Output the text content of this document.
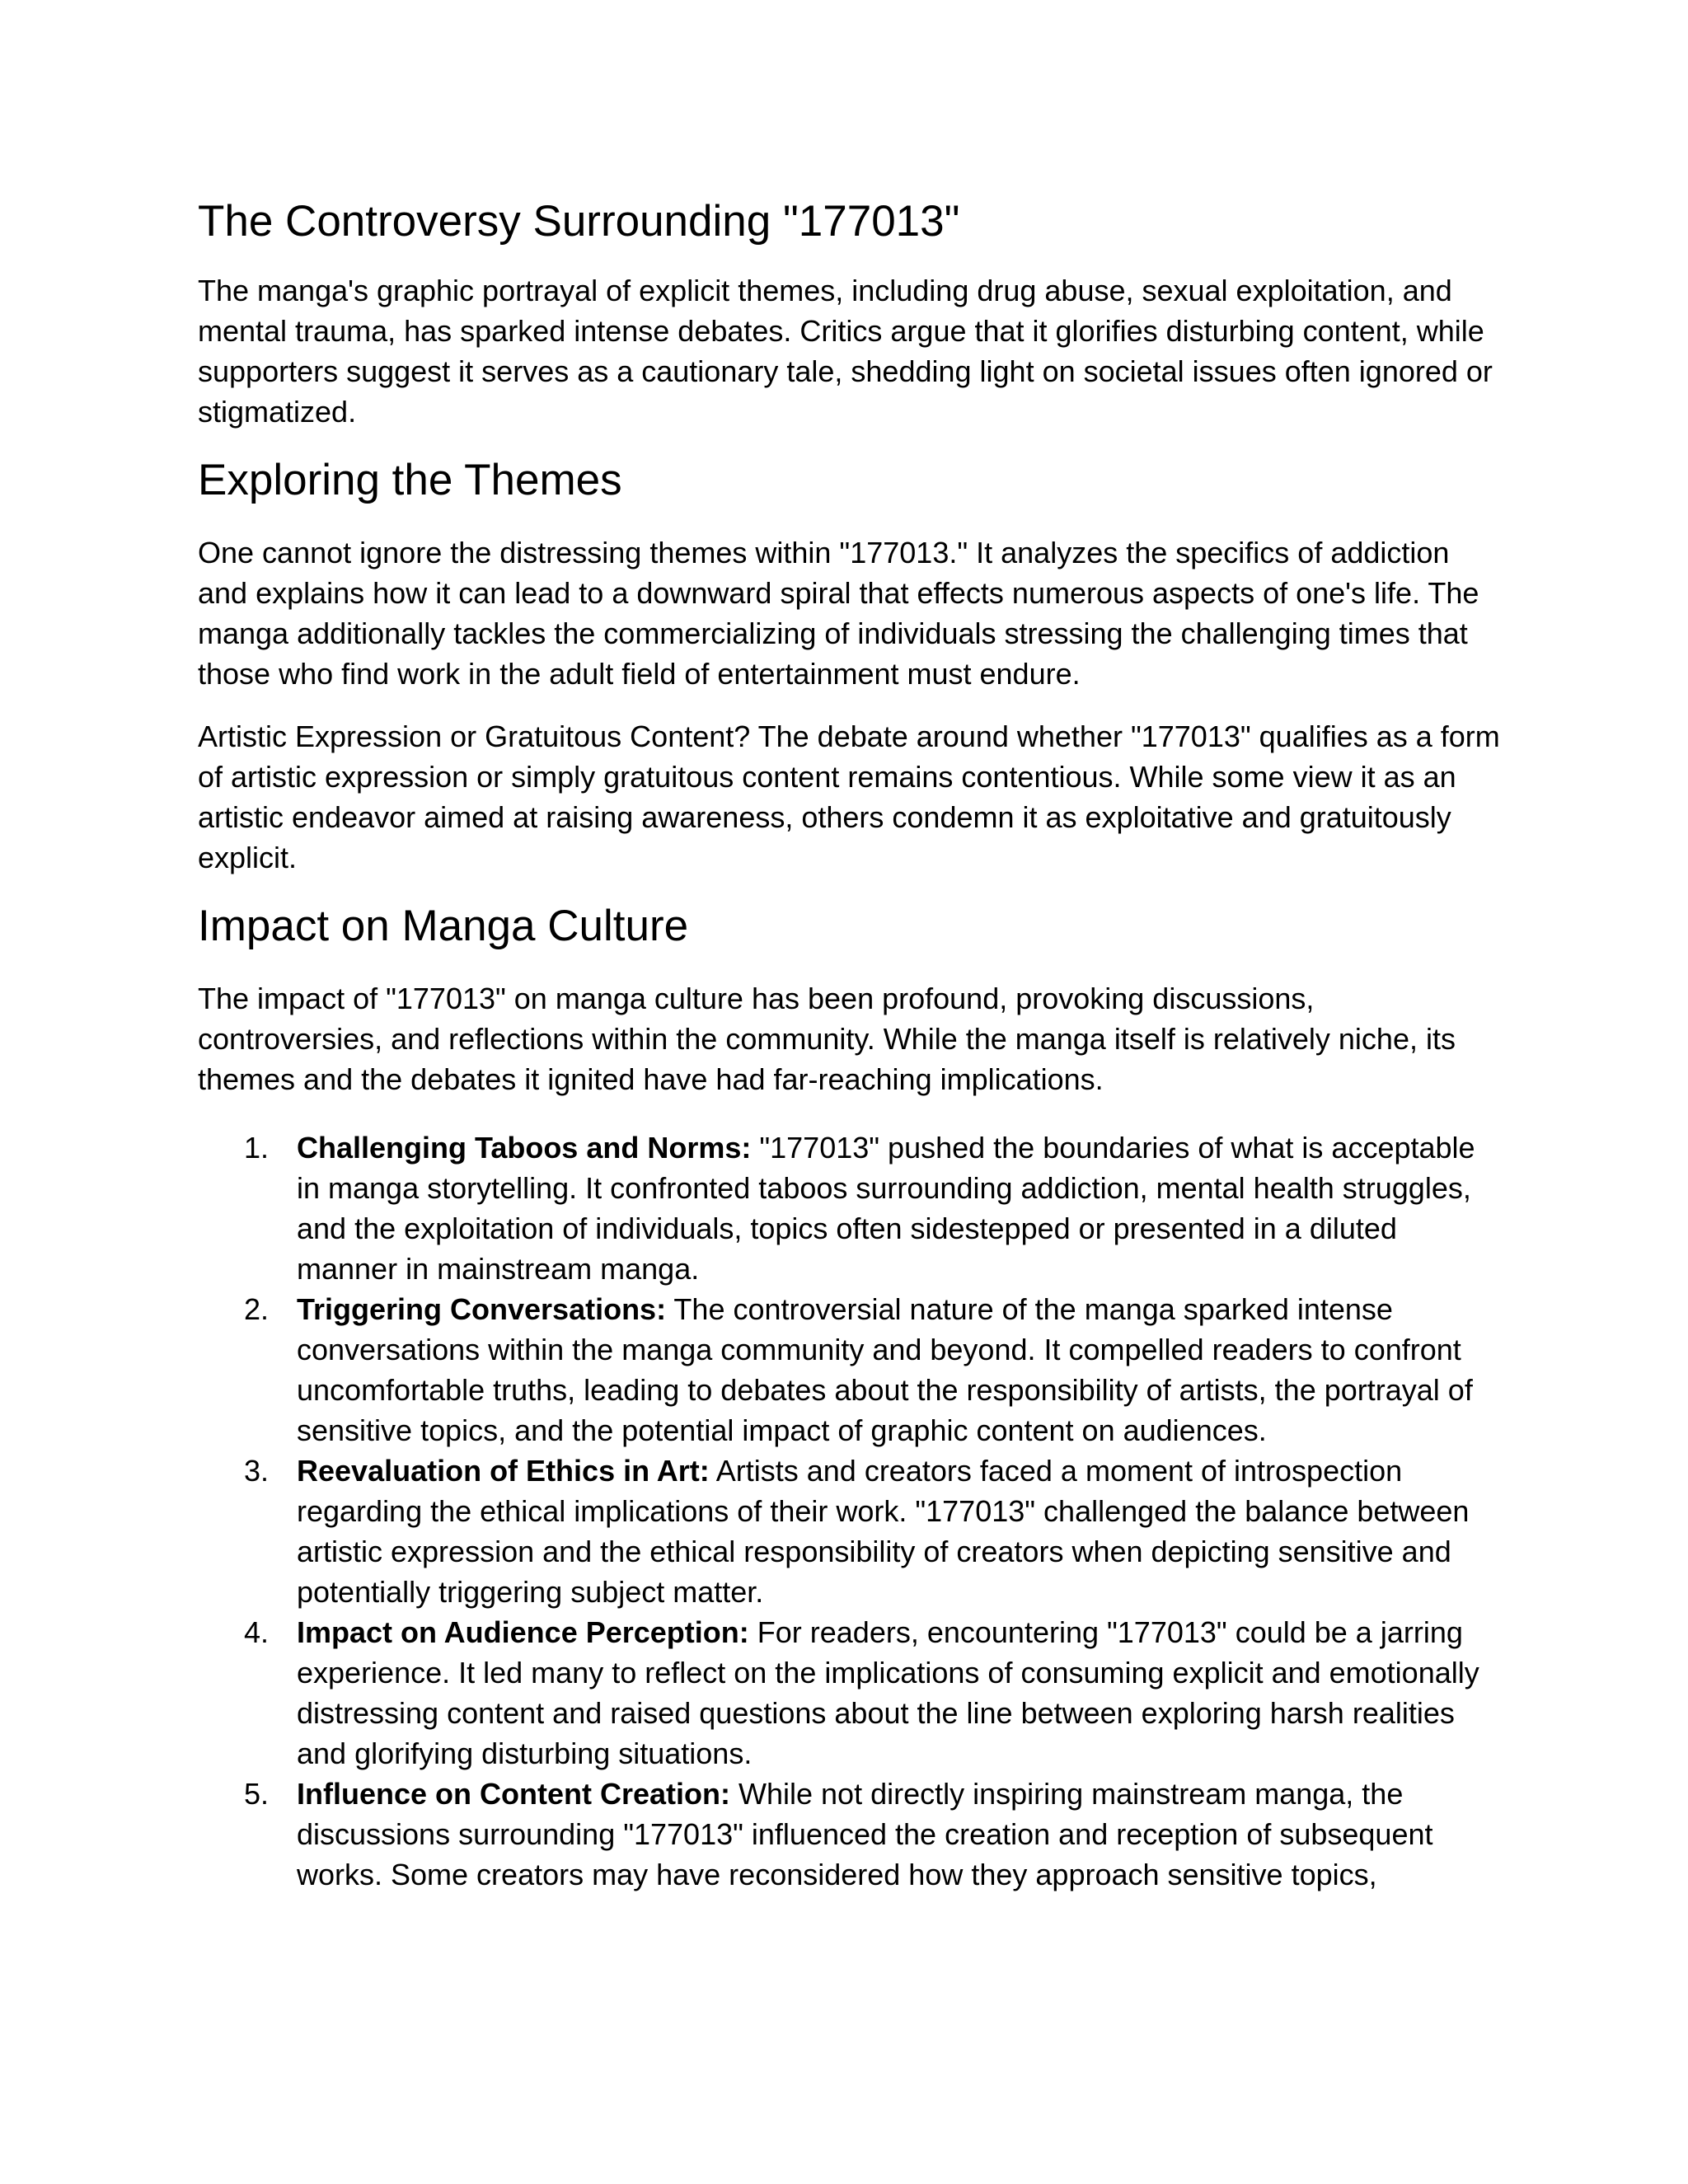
The Controversy Surrounding "177013"

The manga's graphic portrayal of explicit themes, including drug abuse, sexual exploitation, and mental trauma, has sparked intense debates. Critics argue that it glorifies disturbing content, while supporters suggest it serves as a cautionary tale, shedding light on societal issues often ignored or stigmatized.

Exploring the Themes

One cannot ignore the distressing themes within "177013." It analyzes the specifics of addiction and explains how it can lead to a downward spiral that effects numerous aspects of one's life. The manga additionally tackles the commercializing of individuals stressing the challenging times that those who find work in the adult field of entertainment must endure.

Artistic Expression or Gratuitous Content? The debate around whether "177013" qualifies as a form of artistic expression or simply gratuitous content remains contentious. While some view it as an artistic endeavor aimed at raising awareness, others condemn it as exploitative and gratuitously explicit.

Impact on Manga Culture

The impact of "177013" on manga culture has been profound, provoking discussions, controversies, and reflections within the community. While the manga itself is relatively niche, its themes and the debates it ignited have had far-reaching implications.

1. Challenging Taboos and Norms: "177013" pushed the boundaries of what is acceptable in manga storytelling. It confronted taboos surrounding addiction, mental health struggles, and the exploitation of individuals, topics often sidestepped or presented in a diluted manner in mainstream manga.
2. Triggering Conversations: The controversial nature of the manga sparked intense conversations within the manga community and beyond. It compelled readers to confront uncomfortable truths, leading to debates about the responsibility of artists, the portrayal of sensitive topics, and the potential impact of graphic content on audiences.
3. Reevaluation of Ethics in Art: Artists and creators faced a moment of introspection regarding the ethical implications of their work. "177013" challenged the balance between artistic expression and the ethical responsibility of creators when depicting sensitive and potentially triggering subject matter.
4. Impact on Audience Perception: For readers, encountering "177013" could be a jarring experience. It led many to reflect on the implications of consuming explicit and emotionally distressing content and raised questions about the line between exploring harsh realities and glorifying disturbing situations.
5. Influence on Content Creation: While not directly inspiring mainstream manga, the discussions surrounding "177013" influenced the creation and reception of subsequent works. Some creators may have reconsidered how they approach sensitive topics,
